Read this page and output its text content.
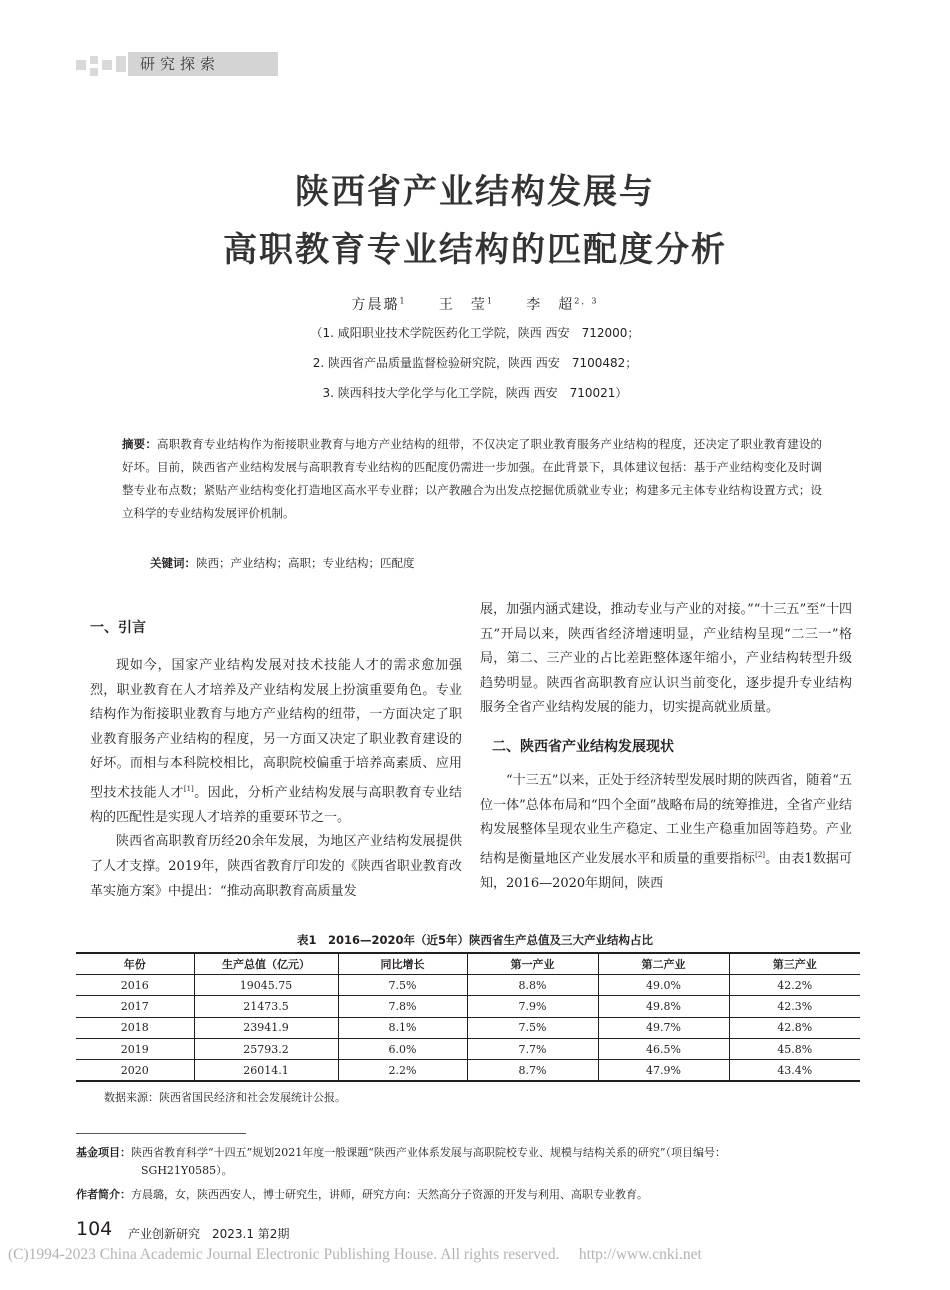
研究探索
陕西省产业结构发展与
高职教育专业结构的匹配度分析
方晨璐$^1$ 王　莹$^1$ 李　超$^{2,3}$
（1. 咸阳职业技术学院医药化工学院，陕西 西安　712000；
2. 陕西省产品质量监督检验研究院，陕西 西安　7100482；
3. 陕西科技大学化学与化工学院，陕西 西安　710021）
摘要：高职教育专业结构作为衔接职业教育与地方产业结构的纽带，不仅决定了职业教育服务产业结构的程度，还决定了职业教育建设的好坏。目前，陕西省产业结构发展与高职教育专业结构的匹配度仍需进一步加强。在此背景下，具体建议包括：基于产业结构变化及时调整专业布点数；紧贴产业结构变化打造地区高水平专业群；以产教融合为出发点挖掘优质就业专业；构建多元主体专业结构设置方式；设立科学的专业结构发展评价机制。
关键词：陕西；产业结构；高职；专业结构；匹配度
一、引言

现如今，国家产业结构发展对技术技能人才的需求愈加强烈，职业教育在人才培养及产业结构发展上扮演重要角色。专业结构作为衔接职业教育与地方产业结构的纽带，一方面决定了职业教育服务产业结构的程度，另一方面又决定了职业教育建设的好坏。而相与本科院校相比，高职院校偏重于培养高素质、应用型技术技能人才[1]。因此，分析产业结构发展与高职教育专业结构的匹配性是实现人才培养的重要环节之一。

陕西省高职教育历经20余年发展，为地区产业结构发展提供了人才支撑。2019年，陕西省教育厅印发的《陕西省职业教育改革实施方案》中提出：“推动高职教育高质量发

展，加强内涵式建设，推动专业与产业的对接。”“十三五”至“十四五”开局以来，陕西省经济增速明显，产业结构呈现“二三一”格局，第二、三产业的占比差距整体逐年缩小，产业结构转型升级趋势明显。陕西省高职教育应认识当前变化，逐步提升专业结构服务全省产业结构发展的能力，切实提高就业质量。

二、陕西省产业结构发展现状

“十三五”以来，正处于经济转型发展时期的陕西省，随着“五位一体”总体布局和“四个全面”战略布局的统筹推进，全省产业结构发展整体呈现农业生产稳定、工业生产稳重加固等趋势。产业结构是衡量地区产业发展水平和质量的重要指标[2]。由表1数据可知，2016—2020年期间，陕西

表1　2016—2020年（近5年）陕西省生产总值及三大产业结构占比
年份	生产总值（亿元）	同比增长	第一产业	第二产业	第三产业
2016	19045.75	7.5%	8.8%	49.0%	42.2%
2017	21473.5	7.8%	7.9%	49.8%	42.3%
2018	23941.9	8.1%	7.5%	49.7%	42.8%
2019	25793.2	6.0%	7.7%	46.5%	45.8%
2020	26014.1	2.2%	8.7%	47.9%	43.4%
数据来源：陕西省国民经济和社会发展统计公报。
基金项目：陕西省教育科学“十四五”规划2021年度一般课题“陕西产业体系发展与高职院校专业、规模与结构关系的研究”（项目编号：
SGH21Y0585）。
作者简介：方晨璐，女，陕西西安人，博士研究生，讲师，研究方向：天然高分子资源的开发与利用、高职专业教育。
104 产业创新研究　2023.1 第2期
(C)1994-2023 China Academic Journal Electronic Publishing House. All rights reserved.　 http://www.cnki.net
